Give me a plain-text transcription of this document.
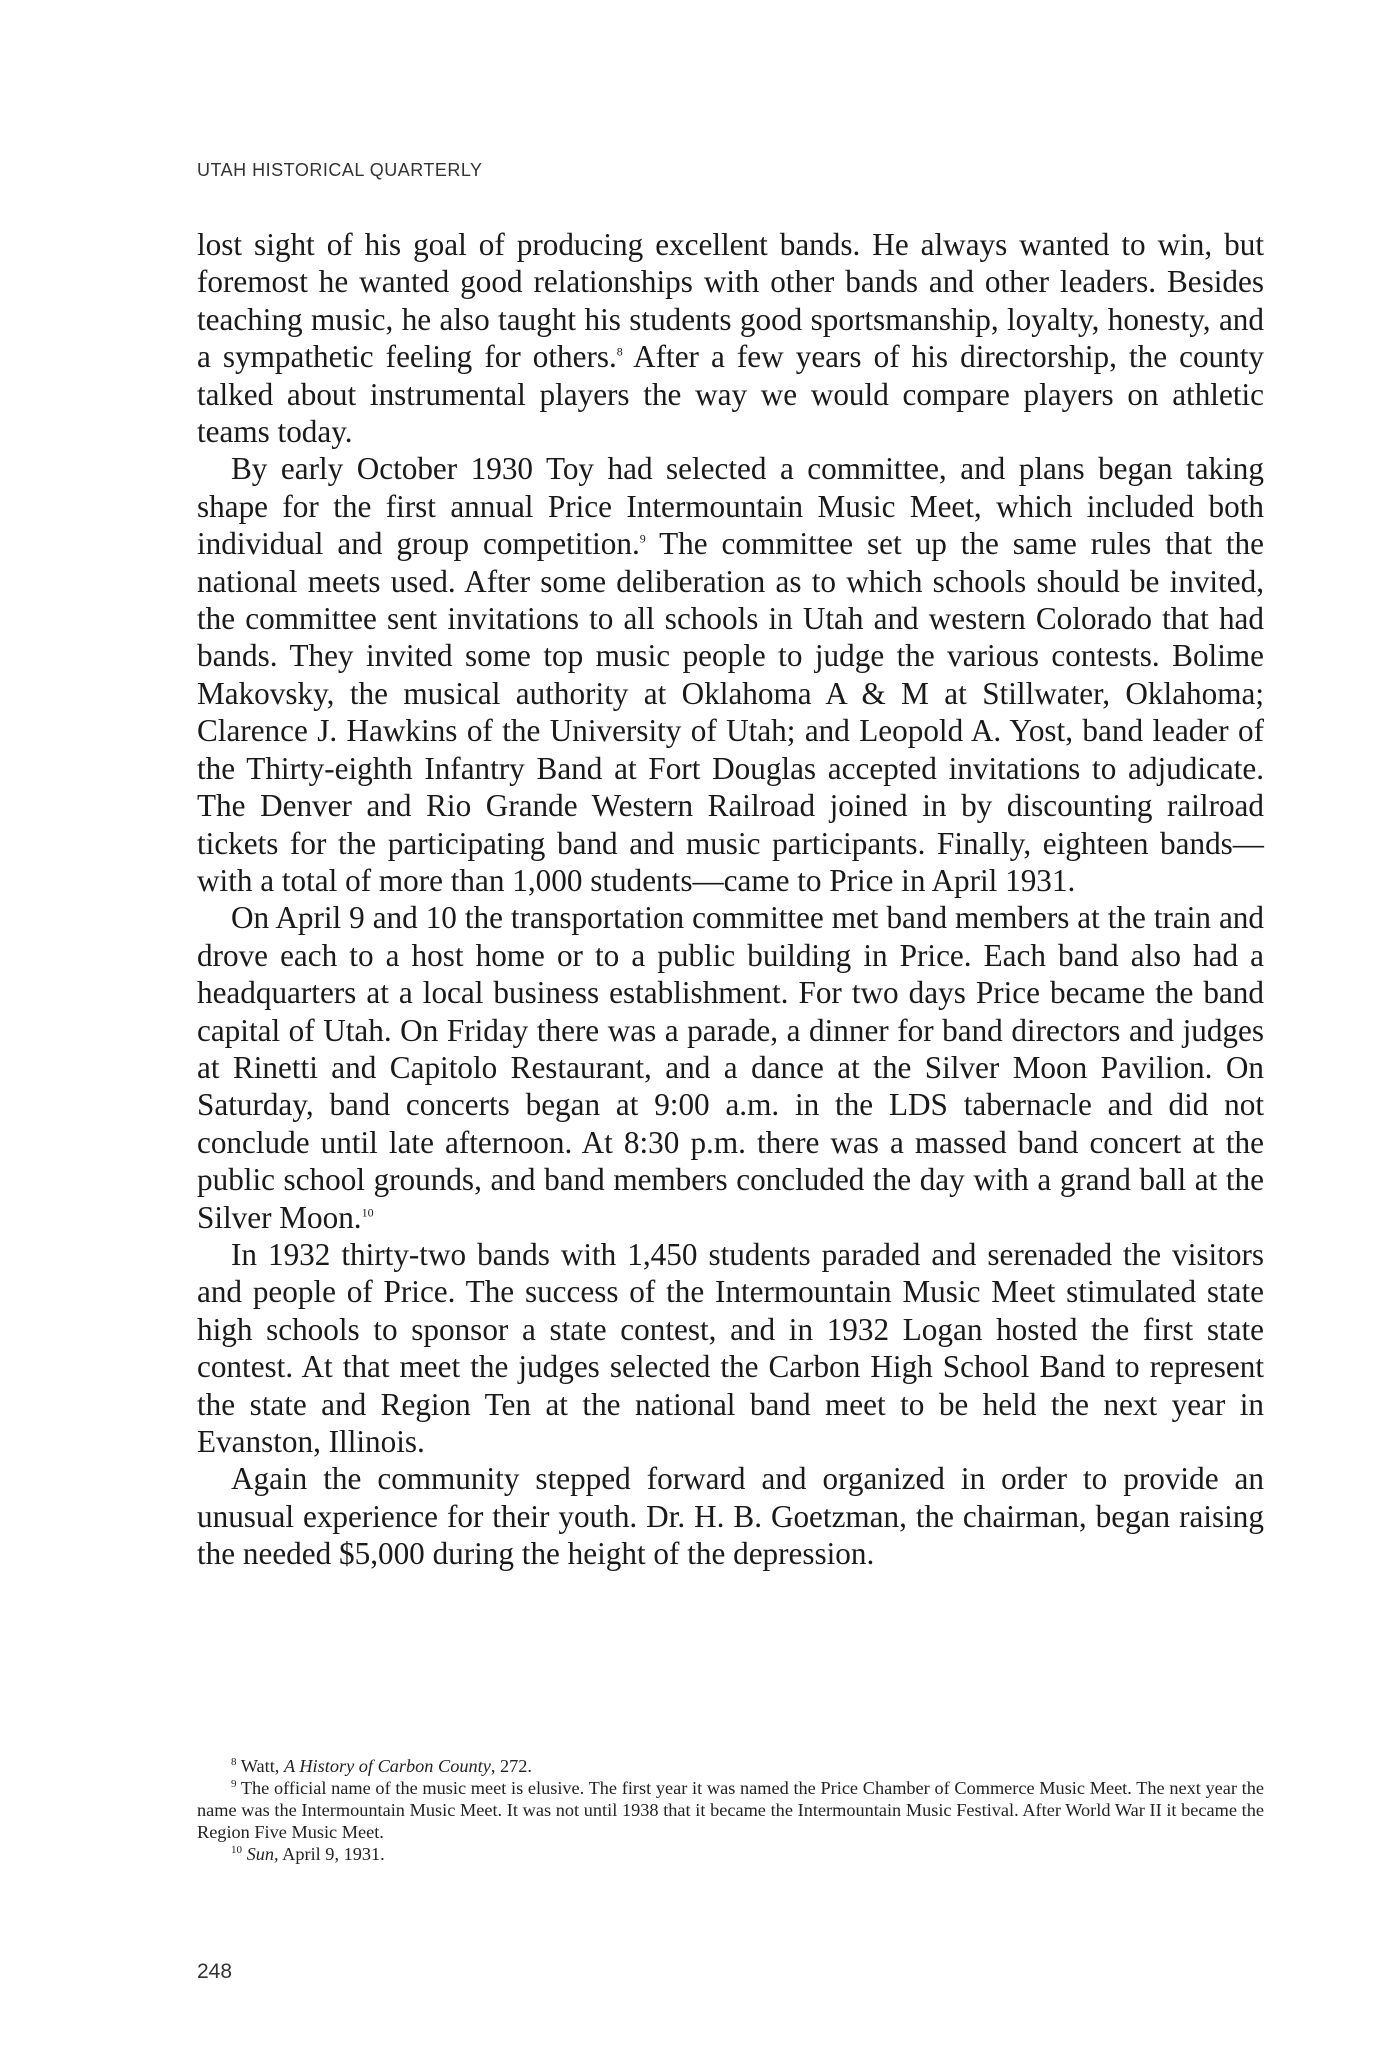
UTAH HISTORICAL QUARTERLY

lost sight of his goal of producing excellent bands. He always wanted to win, but foremost he wanted good relationships with other bands and other leaders. Besides teaching music, he also taught his students good sportsmanship, loyalty, honesty, and a sympathetic feeling for others.$^8$ After a few years of his directorship, the county talked about instrumental players the way we would compare players on athletic teams today.

By early October 1930 Toy had selected a committee, and plans began taking shape for the first annual Price Intermountain Music Meet, which included both individual and group competition.$^9$ The committee set up the same rules that the national meets used. After some deliberation as to which schools should be invited, the committee sent invitations to all schools in Utah and western Colorado that had bands. They invited some top music people to judge the various contests. Bolime Makovsky, the musical authority at Oklahoma A & M at Stillwater, Oklahoma; Clarence J. Hawkins of the University of Utah; and Leopold A. Yost, band leader of the Thirty-eighth Infantry Band at Fort Douglas accepted invitations to adjudicate. The Denver and Rio Grande Western Railroad joined in by discounting railroad tickets for the participating band and music participants. Finally, eighteen bands—with a total of more than 1,000 students—came to Price in April 1931.

On April 9 and 10 the transportation committee met band members at the train and drove each to a host home or to a public building in Price. Each band also had a headquarters at a local business establishment. For two days Price became the band capital of Utah. On Friday there was a parade, a dinner for band directors and judges at Rinetti and Capitolo Restaurant, and a dance at the Silver Moon Pavilion. On Saturday, band concerts began at 9:00 a.m. in the LDS tabernacle and did not conclude until late afternoon. At 8:30 p.m. there was a massed band concert at the public school grounds, and band members concluded the day with a grand ball at the Silver Moon.$^{10}$

In 1932 thirty-two bands with 1,450 students paraded and serenaded the visitors and people of Price. The success of the Intermountain Music Meet stimulated state high schools to sponsor a state contest, and in 1932 Logan hosted the first state contest. At that meet the judges selected the Carbon High School Band to represent the state and Region Ten at the national band meet to be held the next year in Evanston, Illinois.

Again the community stepped forward and organized in order to provide an unusual experience for their youth. Dr. H. B. Goetzman, the chairman, began raising the needed $5,000 during the height of the depression.

$^8$ Watt, A History of Carbon County, 272.

$^9$ The official name of the music meet is elusive. The first year it was named the Price Chamber of Commerce Music Meet. The next year the name was the Intermountain Music Meet. It was not until 1938 that it became the Intermountain Music Festival. After World War II it became the Region Five Music Meet.

$^{10}$ Sun, April 9, 1931.

248
